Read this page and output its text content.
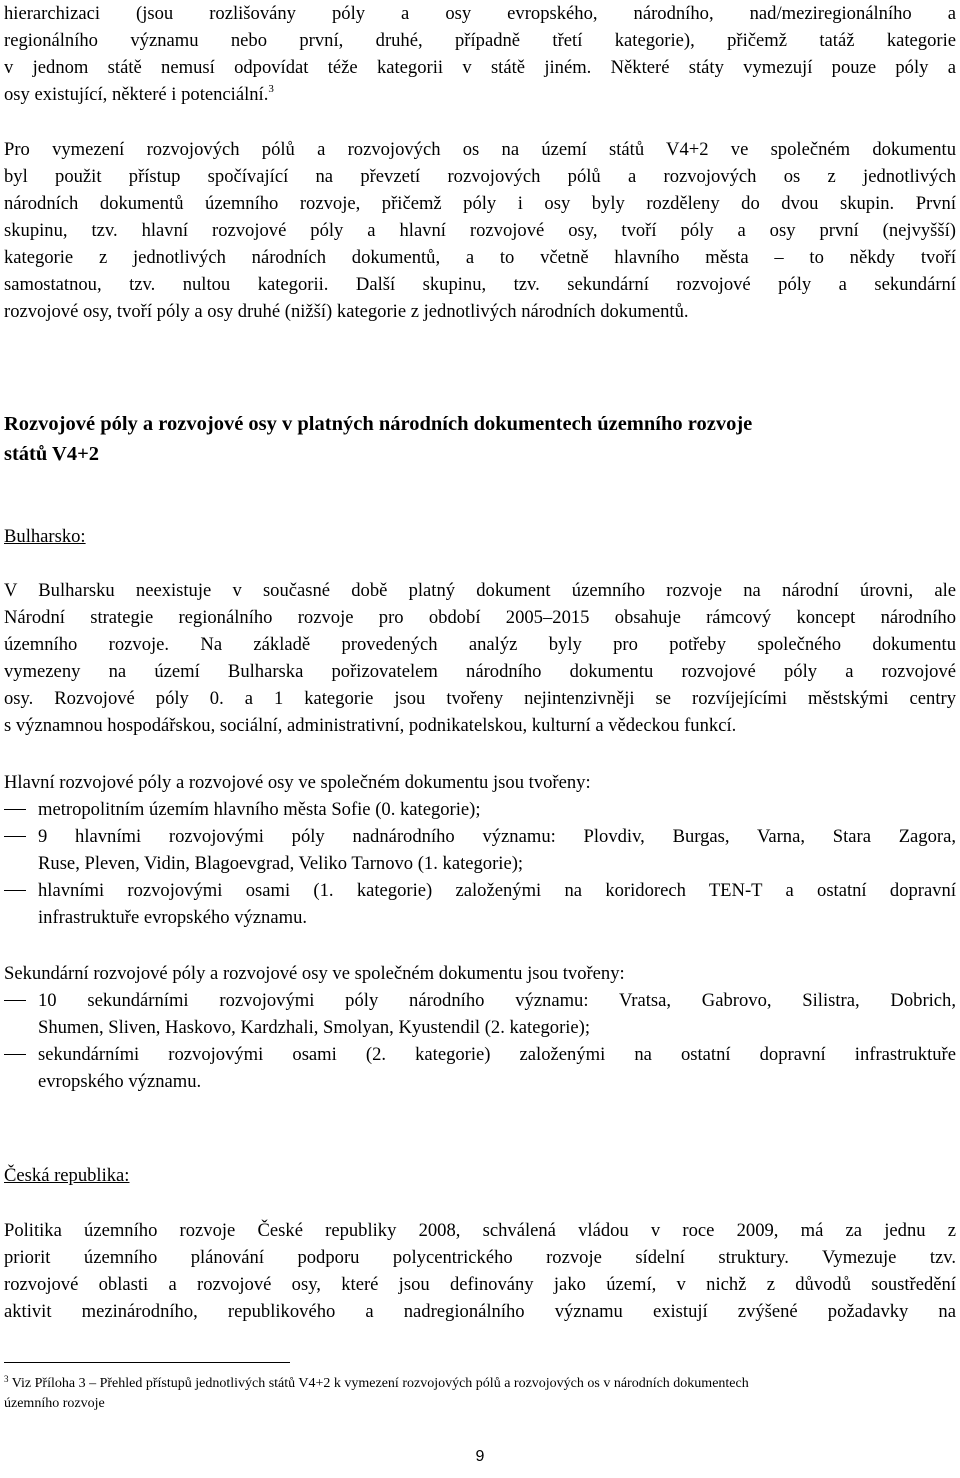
hierarchizaci (jsou rozlišovány póly a osy evropského, národního, nad/meziregionálního a
regionálního významu nebo první, druhé, případně třetí kategorie), přičemž tatáž kategorie
v jednom státě nemusí odpovídat téže kategorii v státě jiném. Některé státy vymezují pouze póly a
osy existující, některé i potenciální.$^3$
Pro vymezení rozvojových pólů a rozvojových os na území států V4+2 ve společném dokumentu
byl použit přístup spočívající na převzetí rozvojových pólů a rozvojových os z jednotlivých
národních dokumentů územního rozvoje, přičemž póly i osy byly rozděleny do dvou skupin. První
skupinu, tzv. hlavní rozvojové póly a hlavní rozvojové osy, tvoří póly a osy první (nejvyšší)
kategorie z jednotlivých národních dokumentů, a to včetně hlavního města – to někdy tvoří
samostatnou, tzv. nultou kategorii. Další skupinu, tzv. sekundární rozvojové póly a sekundární
rozvojové osy, tvoří póly a osy druhé (nižší) kategorie z jednotlivých národních dokumentů.
Rozvojové póly a rozvojové osy v platných národních dokumentech územního rozvoje
států V4+2
Bulharsko:
V Bulharsku neexistuje v současné době platný dokument územního rozvoje na národní úrovni, ale
Národní strategie regionálního rozvoje pro období 2005–2015 obsahuje rámcový koncept národního
územního rozvoje. Na základě provedených analýz byly pro potřeby společného dokumentu
vymezeny na území Bulharska pořizovatelem národního dokumentu rozvojové póly a rozvojové
osy. Rozvojové póly 0. a 1 kategorie jsou tvořeny nejintenzivněji se rozvíjejícími městskými centry
s významnou hospodářskou, sociální, administrativní, podnikatelskou, kulturní a vědeckou funkcí.
Hlavní rozvojové póly a rozvojové osy ve společném dokumentu jsou tvořeny:
metropolitním územím hlavního města Sofie (0. kategorie);
9 hlavními rozvojovými póly nadnárodního významu: Plovdiv, Burgas, Varna, Stara Zagora,
Ruse, Pleven, Vidin, Blagoevgrad, Veliko Tarnovo (1. kategorie);
hlavními rozvojovými osami (1. kategorie) založenými na koridorech TEN-T a ostatní dopravní
infrastruktuře evropského významu.
Sekundární rozvojové póly a rozvojové osy ve společném dokumentu jsou tvořeny:
10 sekundárními rozvojovými póly národního významu: Vratsa, Gabrovo, Silistra, Dobrich,
Shumen, Sliven, Haskovo, Kardzhali, Smolyan, Kyustendil (2. kategorie);
sekundárními rozvojovými osami (2. kategorie) založenými na ostatní dopravní infrastruktuře
evropského významu.
Česká republika:
Politika územního rozvoje České republiky 2008, schválená vládou v roce 2009, má za jednu z
priorit územního plánování podporu polycentrického rozvoje sídelní struktury. Vymezuje tzv.
rozvojové oblasti a rozvojové osy, které jsou definovány jako území, v nichž z důvodů soustředění
aktivit mezinárodního, republikového a nadregionálního významu existují zvýšené požadavky na
$^3$ Viz Příloha 3 – Přehled přístupů jednotlivých států V4+2 k vymezení rozvojových pólů a rozvojových os v národních dokumentech
územního rozvoje
9
